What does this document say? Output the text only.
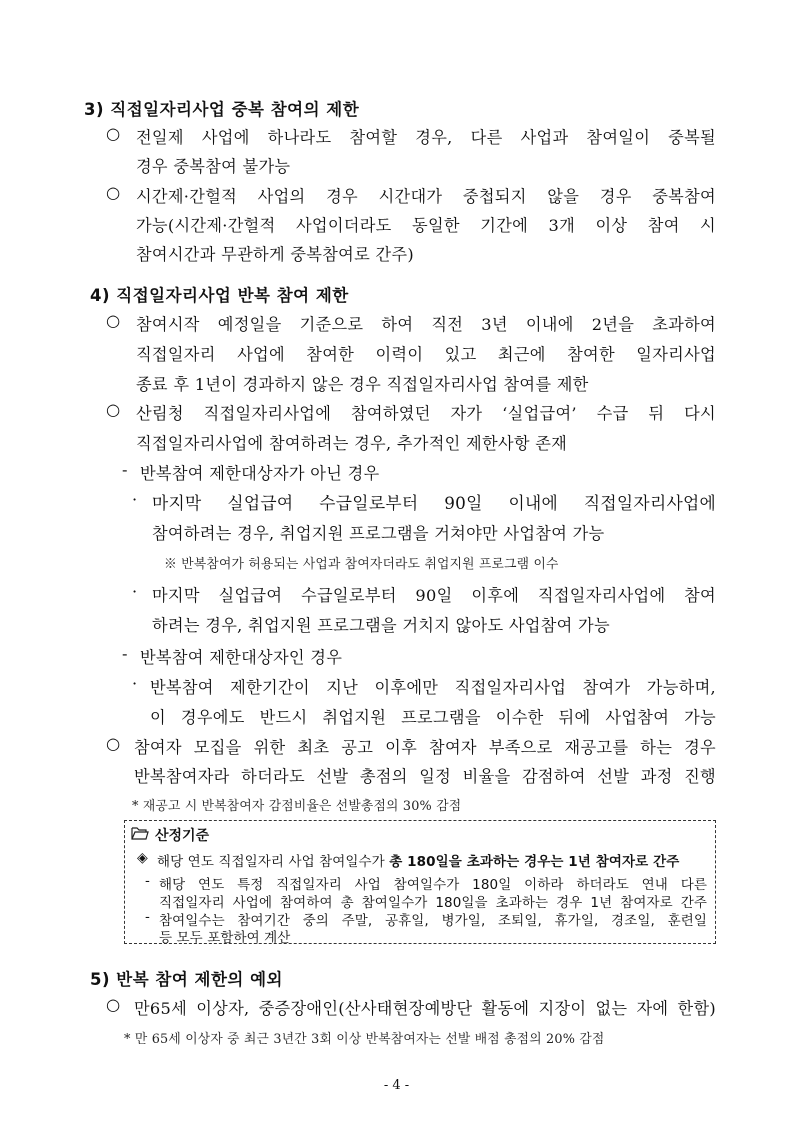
3) 직접일자리사업 중복 참여의 제한
○ 전일제 사업에 하나라도 참여할 경우, 다른 사업과 참여일이 중복될
경우 중복참여 불가능
○ 시간제·간헐적 사업의 경우 시간대가 중첩되지 않을 경우 중복참여
가능(시간제·간헐적 사업이더라도 동일한 기간에 3개 이상 참여 시
참여시간과 무관하게 중복참여로 간주)
4) 직접일자리사업 반복 참여 제한
○ 참여시작 예정일을 기준으로 하여 직전 3년 이내에 2년을 초과하여
직접일자리 사업에 참여한 이력이 있고 최근에 참여한 일자리사업
종료 후 1년이 경과하지 않은 경우 직접일자리사업 참여를 제한
○ 산림청 직접일자리사업에 참여하였던 자가 ‘실업급여’ 수급 뒤 다시
직접일자리사업에 참여하려는 경우, 추가적인 제한사항 존재
- 반복참여 제한대상자가 아닌 경우
· 마지막 실업급여 수급일로부터 90일 이내에 직접일자리사업에
참여하려는 경우, 취업지원 프로그램을 거쳐야만 사업참여 가능
※ 반복참여가 허용되는 사업과 참여자더라도 취업지원 프로그램 이수
· 마지막 실업급여 수급일로부터 90일 이후에 직접일자리사업에 참여
하려는 경우, 취업지원 프로그램을 거치지 않아도 사업참여 가능
- 반복참여 제한대상자인 경우
· 반복참여 제한기간이 지난 이후에만 직접일자리사업 참여가 가능하며,
이 경우에도 반드시 취업지원 프로그램을 이수한 뒤에 사업참여 가능
○ 참여자 모집을 위한 최초 공고 이후 참여자 부족으로 재공고를 하는 경우
반복참여자라 하더라도 선발 총점의 일정 비율을 감점하여 선발 과정 진행
* 재공고 시 반복참여자 감점비율은 선발총점의 30% 감점
산정기준
◈ 해당 연도 직접일자리 사업 참여일수가 총 180일을 초과하는 경우는 1년 참여자로 간주
- 해당 연도 특정 직접일자리 사업 참여일수가 180일 이하라 하더라도 연내 다른
직접일자리 사업에 참여하여 총 참여일수가 180일을 초과하는 경우 1년 참여자로 간주
- 참여일수는 참여기간 중의 주말, 공휴일, 병가일, 조퇴일, 휴가일, 경조일, 훈련일
등 모두 포함하여 계산
5) 반복 참여 제한의 예외
○ 만65세 이상자, 중증장애인(산사태현장예방단 활동에 지장이 없는 자에 한함)
* 만 65세 이상자 중 최근 3년간 3회 이상 반복참여자는 선발 배점 총점의 20% 감점
- 4 -
